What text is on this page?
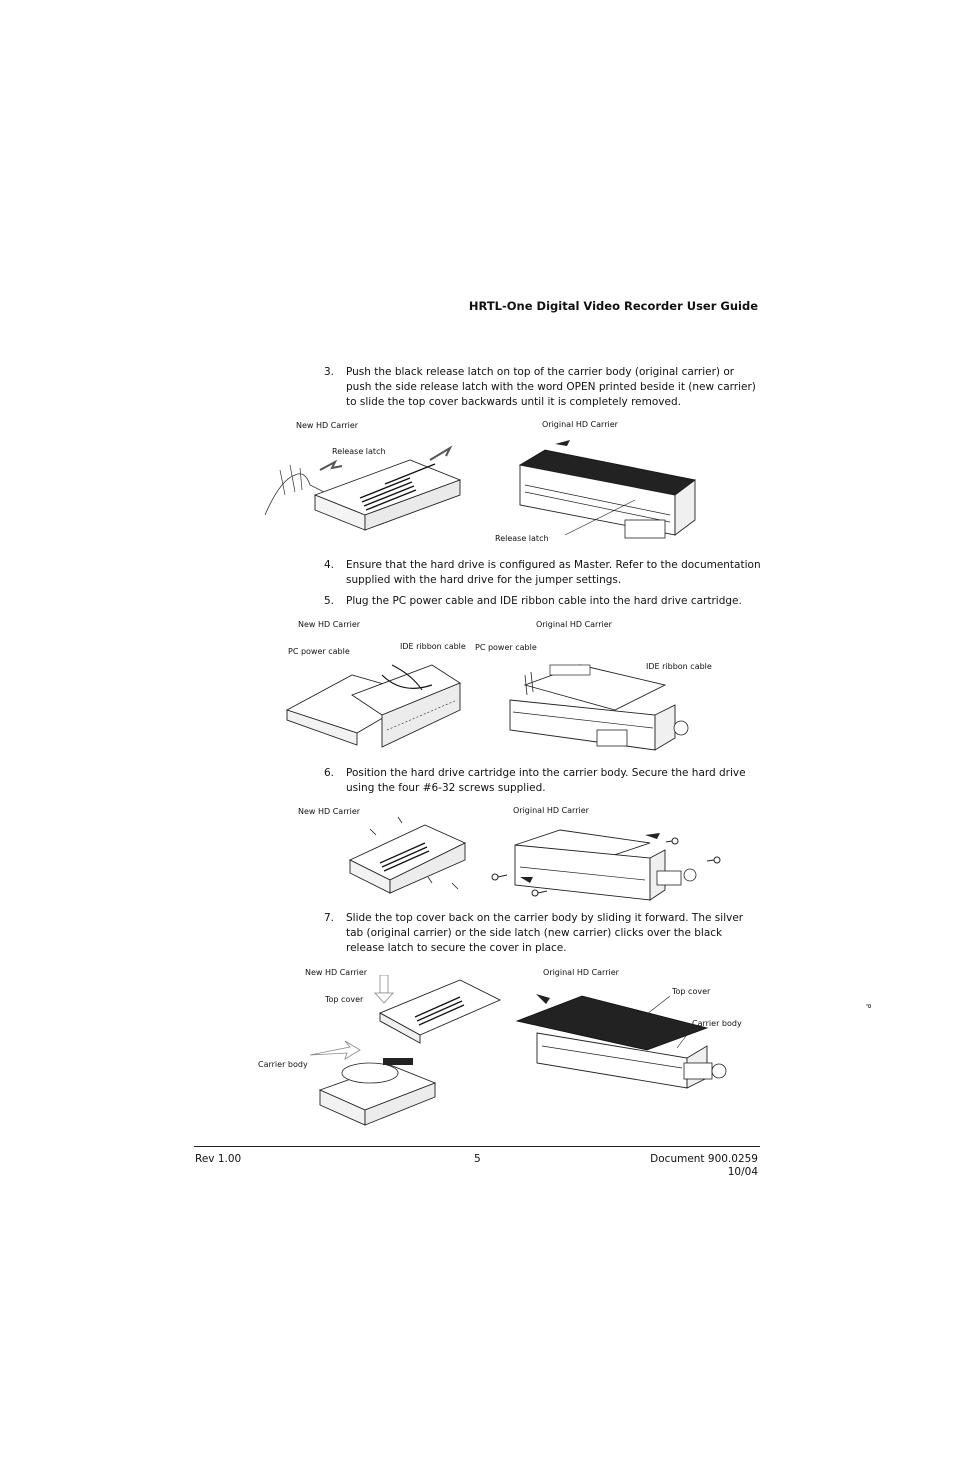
HRTL-One Digital Video Recorder User Guide
3.	Push the black release latch on top of the carrier body (original carrier) or push the side release latch with the word OPEN printed beside it (new carrier) to slide the top cover backwards until it is completely removed.
New HD Carrier	Original HD Carrier
Release latch
Release latch
4.	Ensure that the hard drive is configured as Master. Refer to the documentation supplied with the hard drive for the jumper settings.
5.	Plug the PC power cable and IDE ribbon cable into the hard drive cartridge.
New HD Carrier	Original HD Carrier
PC power cable
IDE ribbon cable PC power cable
IDE ribbon cable
6.	Position the hard drive cartridge into the carrier body. Secure the hard drive using the four #6-32 screws supplied.
New HD Carrier	Original HD Carrier
7.	Slide the top cover back on the carrier body by sliding it forward. The silver tab (original carrier) or the side latch (new carrier) clicks over the black release latch to secure the cover in place.
New HD Carrier	Original HD Carrier
Top cover
Carrier body
Top cover
Carrier body
P
Rev 1.00	5	Document 900.0259
10/04
